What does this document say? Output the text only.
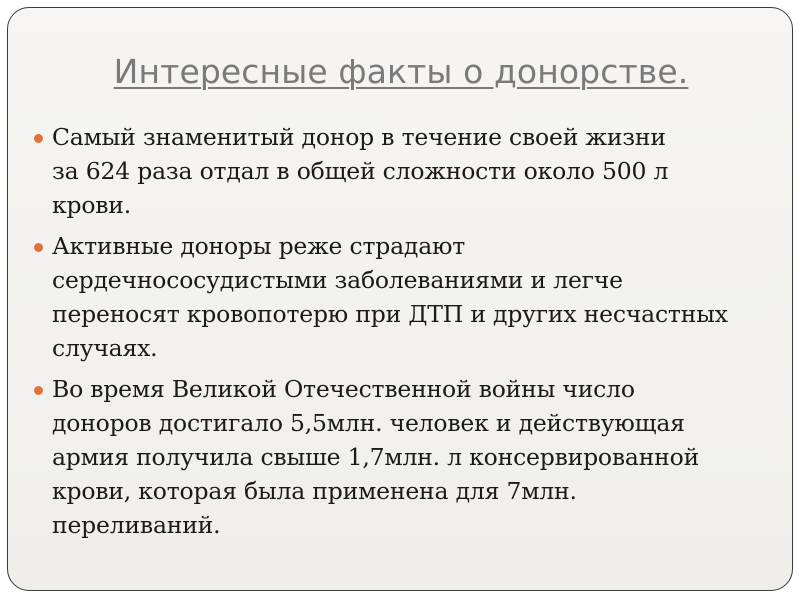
Интересные факты о донорстве.
Самый знаменитый донор в течение своей жизни
за 624 раза отдал в общей сложности около 500 л
крови.
Активные доноры реже страдают
сердечнососудистыми заболеваниями и легче
переносят кровопотерю при ДТП и других несчастных
случаях.
Во время Великой Отечественной войны число
доноров достигало 5,5млн. человек и действующая
армия получила свыше 1,7млн. л консервированной
крови, которая была применена для 7млн.
переливаний.
